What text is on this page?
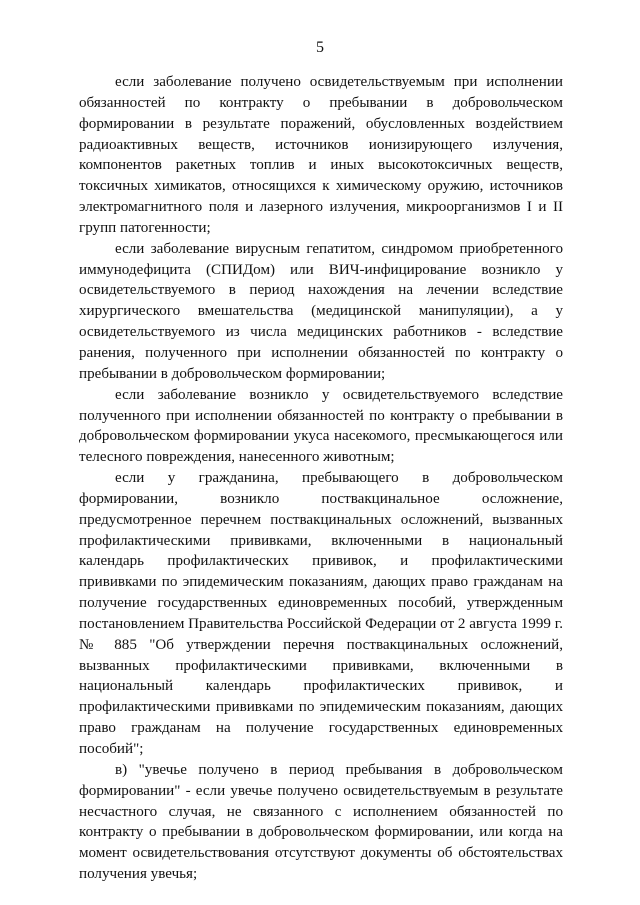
5

если заболевание получено освидетельствуемым при исполнении обязанностей по контракту о пребывании в добровольческом формировании в результате поражений, обусловленных воздействием радиоактивных веществ, источников ионизирующего излучения, компонентов ракетных топлив и иных высокотоксичных веществ, токсичных химикатов, относящихся к химическому оружию, источников электромагнитного поля и лазерного излучения, микроорганизмов I и II групп патогенности;

если заболевание вирусным гепатитом, синдромом приобретенного иммунодефицита (СПИДом) или ВИЧ-инфицирование возникло у освидетельствуемого в период нахождения на лечении вследствие хирургического вмешательства (медицинской манипуляции), а у освидетельствуемого из числа медицинских работников - вследствие ранения, полученного при исполнении обязанностей по контракту о пребывании в добровольческом формировании;

если заболевание возникло у освидетельствуемого вследствие полученного при исполнении обязанностей по контракту о пребывании в добровольческом формировании укуса насекомого, пресмыкающегося или телесного повреждения, нанесенного животным;

если у гражданина, пребывающего в добровольческом формировании, возникло поствакцинальное осложнение, предусмотренное перечнем поствакцинальных осложнений, вызванных профилактическими прививками, включенными в национальный календарь профилактических прививок, и профилактическими прививками по эпидемическим показаниям, дающих право гражданам на получение государственных единовременных пособий, утвержденным постановлением Правительства Российской Федерации от 2 августа 1999 г. № 885 "Об утверждении перечня поствакцинальных осложнений, вызванных профилактическими прививками, включенными в национальный календарь профилактических прививок, и профилактическими прививками по эпидемическим показаниям, дающих право гражданам на получение государственных единовременных пособий";

в) "увечье получено в период пребывания в добровольческом формировании" - если увечье получено освидетельствуемым в результате несчастного случая, не связанного с исполнением обязанностей по контракту о пребывании в добровольческом формировании, или когда на момент освидетельствования отсутствуют документы об обстоятельствах получения увечья;
